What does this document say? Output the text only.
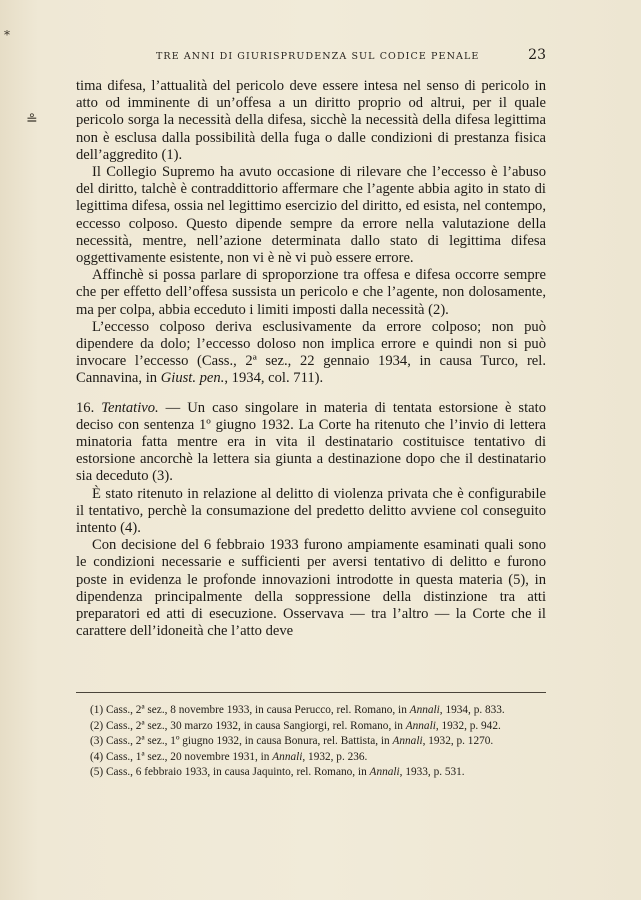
⁎
≗
TRE ANNI DI GIURISPRUDENZA SUL CODICE PENALE	23

tima difesa, l’attualità del pericolo deve essere intesa nel senso di pericolo in atto od imminente di un’offesa a un diritto proprio od altrui, per il quale pericolo sorga la necessità della difesa, sicchè la necessità della difesa legittima non è esclusa dalla possibilità della fuga o dalle condizioni di prestanza fisica dell’aggredito (1).

Il Collegio Supremo ha avuto occasione di rilevare che l’eccesso è l’abuso del diritto, talchè è contraddittorio affermare che l’agente abbia agito in stato di legittima difesa, ossia nel legittimo esercizio del diritto, ed esista, nel contempo, eccesso colposo. Questo dipende sempre da errore nella valutazione della necessità, mentre, nell’azione determinata dallo stato di legittima difesa oggettivamente esistente, non vi è nè vi può essere errore.

Affinchè si possa parlare di sproporzione tra offesa e difesa occorre sempre che per effetto dell’offesa sussista un pericolo e che l’agente, non dolosamente, ma per colpa, abbia ecceduto i limiti imposti dalla necessità (2).

L’eccesso colposo deriva esclusivamente da errore colposo; non può dipendere da dolo; l’eccesso doloso non implica errore e quindi non si può invocare l’eccesso (Cass., 2ª sez., 22 gennaio 1934, in causa Turco, rel. Cannavina, in Giust. pen., 1934, col. 711).

16. Tentativo. — Un caso singolare in materia di tentata estorsione è stato deciso con sentenza 1º giugno 1932. La Corte ha ritenuto che l’invio di lettera minatoria fatta mentre era in vita il destinatario costituisce tentativo di estorsione ancorchè la lettera sia giunta a destinazione dopo che il destinatario sia deceduto (3).

È stato ritenuto in relazione al delitto di violenza privata che è configurabile il tentativo, perchè la consumazione del predetto delitto avviene col conseguito intento (4).

Con decisione del 6 febbraio 1933 furono ampiamente esaminati quali sono le condizioni necessarie e sufficienti per aversi tentativo di delitto e furono poste in evidenza le profonde innovazioni introdotte in questa materia (5), in dipendenza principalmente della soppressione della distinzione tra atti preparatori ed atti di esecuzione. Osservava — tra l’altro — la Corte che il carattere dell’idoneità che l’atto deve

(1) Cass., 2ª sez., 8 novembre 1933, in causa Perucco, rel. Romano, in Annali, 1934, p. 833.
(2) Cass., 2ª sez., 30 marzo 1932, in causa Sangiorgi, rel. Romano, in Annali, 1932, p. 942.
(3) Cass., 2ª sez., 1º giugno 1932, in causa Bonura, rel. Battista, in Annali, 1932, p. 1270.
(4) Cass., 1ª sez., 20 novembre 1931, in Annali, 1932, p. 236.
(5) Cass., 6 febbraio 1933, in causa Jaquinto, rel. Romano, in Annali, 1933, p. 531.
